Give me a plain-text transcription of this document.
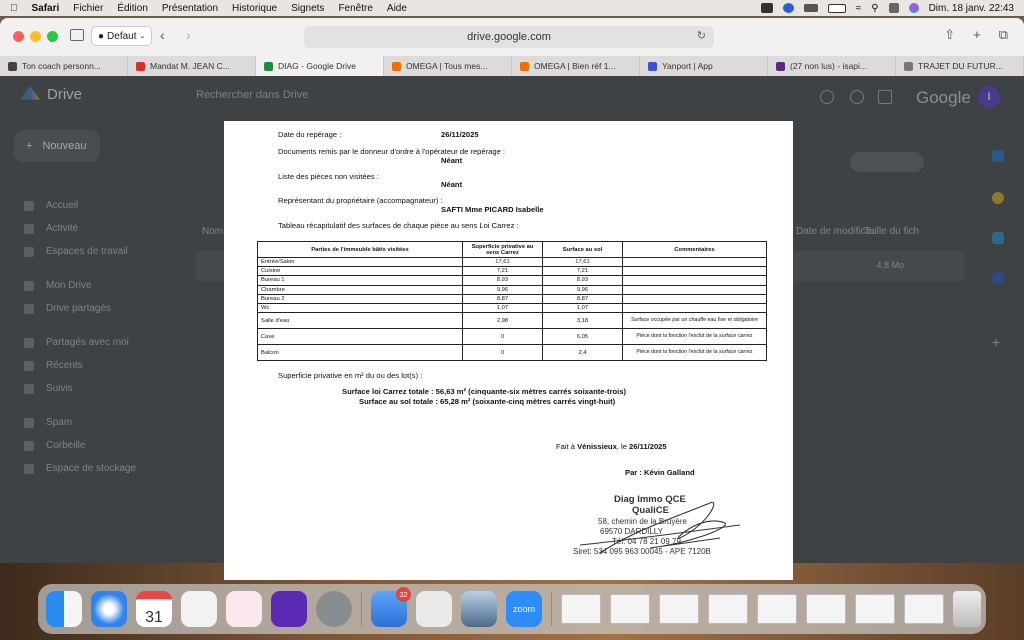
Safari Fichier Édition Présentation Historique Signets Fenêtre Aide	≈ ⚲	Dim. 18 janv. 22:43
● Defaut ⌄ ‹ ›	drive.google.com	↻	⇧ + ⧉
Ton coach personn...	Mandat M. JEAN C...	DIAG - Google Drive	OMEGA | Tous mes...	OMEGA | Bien réf 1...	Yanport | App	(27 non lus) - isapi...	TRAJET DU FUTUR...
Drive	Rechercher dans Drive	Google	I
+ Nouveau
Accueil
Activité
Espaces de travail
Mon Drive
Drive partagés
Partagés avec moi
Récents
Suivis
Spam
Corbeille
Espace de stockage
Nom	Date de modifica...
Taille du fich
4,8 Mo
+
Date du repérage :	26/11/2025
Documents remis par le donneur d'ordre à l'opérateur de repérage :
Néant
Liste des pièces non visitées :
Néant
Représentant du propriétaire (accompagnateur) :
SAFTI Mme PICARD Isabelle
Tableau récapitulatif des surfaces de chaque pièce au sens Loi Carrez :
Parties de l'immeuble bâtis visitées	Superficie privative au sens Carrez	Surface au sol	Commentaires
Entrée/Salon	17,61	17,61	
Cuisine	7,21	7,21	
Bureau 1	8,93	8,93	
Chambre	9,96	9,96	
Bureau 2	8,87	8,87	
Wc	1,07	1,07	
Salle d'eau	2,98	3,18	Surface occupée par un chauffe eau fixe et obligatoire
Cave	0	6,05	Pièce dont la fonction l'exclut de la surface carrez
Balcon	0	2,4	Pièce dont la fonction l'exclut de la surface carrez
Superficie privative en m² du ou des lot(s) :
Surface loi Carrez totale : 56,63 m² (cinquante-six mètres carrés soixante-trois)
Surface au sol totale : 65,28 m² (soixante-cinq mètres carrés vingt-huit)
Fait à Vénissieux, le 26/11/2025
Par : Kévin Galland
Diag Immo QCE
QualiCE
58, chemin de la Bruyère
69570 DARDILLY
Tél. 04 78 21 09 79
Siret: 534 095 963 00045 - APE 7120B
31
32
zoom
